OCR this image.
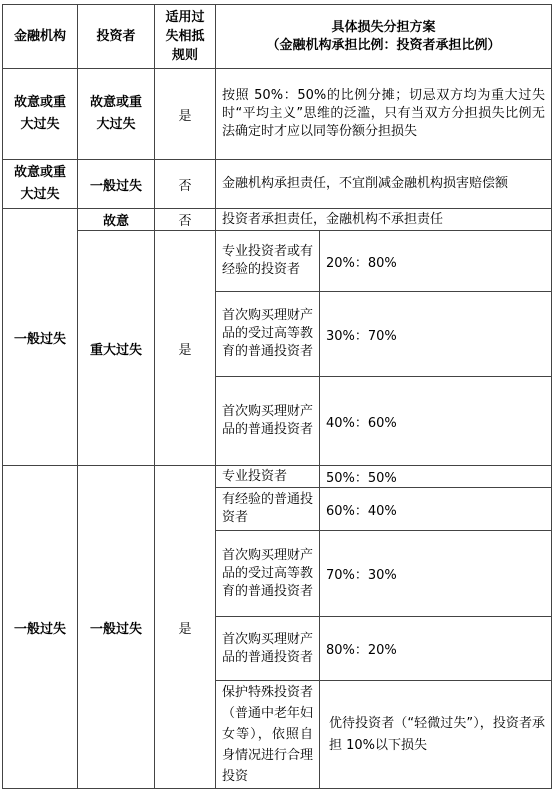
金融机构	投资者	适用过失相抵规则	具体损失分担方案
（金融机构承担比例：投资者承担比例）	

故意或重大过失	故意或重大过失	是	按照 50%：50%的比例分摊；切忌双方均为重大过失时“平均主义”思维的泛滥，只有当双方分担损失比例无法确定时才应以同等份额分担损失	
故意或重大过失	一般过失	否	金融机构承担责任，不宜削减金融机构损害赔偿额	
一般过失	故意	否	投资者承担责任，金融机构不承担责任	
	重大过失	是	专业投资者或有经验的投资者	20%：80%
			首次购买理财产品的受过高等教育的普通投资者	30%：70%
			首次购买理财产品的普通投资者	40%：60%
一般过失	一般过失	是	专业投资者	50%：50%
			有经验的普通投资者	60%：40%
			首次购买理财产品的受过高等教育的普通投资者	70%：30%
			首次购买理财产品的普通投资者	80%：20%
			保护特殊投资者（普通中老年妇女等），依照自身情况进行合理投资	优待投资者（“轻微过失”），投资者承担 10%以下损失
